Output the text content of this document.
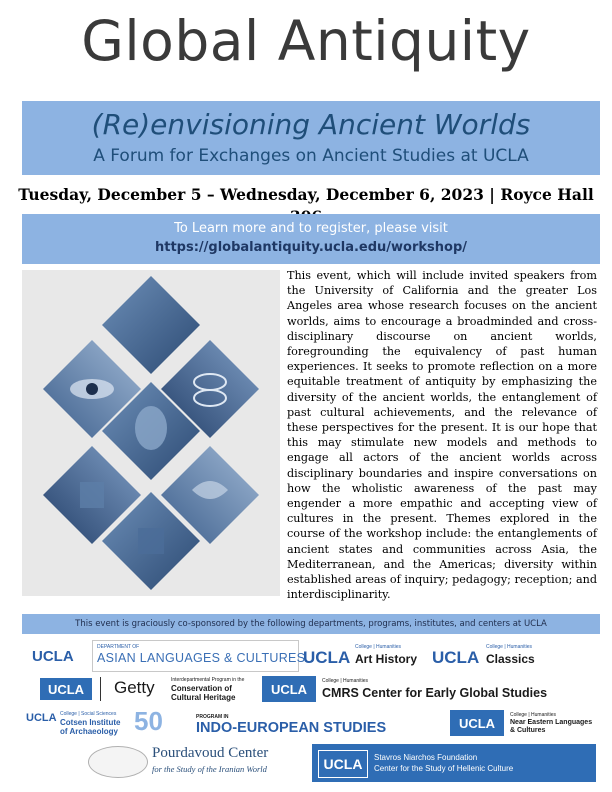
Global Antiquity
(Re)envisioning Ancient Worlds
A Forum for Exchanges on Ancient Studies at UCLA
Tuesday, December 5 – Wednesday, December 6, 2023 | Royce Hall
To Learn more and to register, please visit
https://globalantiquity.ucla.edu/workshop/
This event, which will include invited speakers from the University of California and the greater Los Angeles area whose research focuses on the ancient worlds, aims to encourage a broadminded and cross-disciplinary discourse on ancient worlds, foregrounding the equivalency of past human experiences. It seeks to promote reflection on a more equitable treatment of antiquity by emphasizing the diversity of the ancient worlds, the entanglement of past cultural achievements, and the relevance of these perspectives for the present. It is our hope that this may stimulate new models and methods to engage all actors of the ancient worlds across disciplinary boundaries and inspire conversations on how the wholistic awareness of the past may engender a more empathic and accepting view of cultures in the present. Themes explored in the course of the workshop include: the entanglements of ancient states and communities across Asia, the Mediterranean, and the Americas; diversity within established areas of inquiry; pedagogy; reception; and interdisciplinarity.
This event is graciously co-sponsored by the following departments, programs, institutes, and centers at UCLA
UCLA
DEPARTMENT OF
ASIAN LANGUAGES & CULTURES
UCLA
College | Humanities
Art History UCLA
College | Humanities
Classics
UCLA	Getty	Interdepartmental Program in the
Conservation of Cultural Heritage
UCLA
College | Humanities
CMRS Center for Early Global Studies
UCLA College | Social Sciences
Cotsen Institute of Archaeology 50	PROGRAM IN
INDO-EUROPEAN STUDIES	UCLA
College | Humanities
Near Eastern Languages & Cultures
Pourdavoud Center
for the Study of the Iranian World	UCLA	Stavros Niarchos Foundation
Center for the Study of Hellenic Culture
